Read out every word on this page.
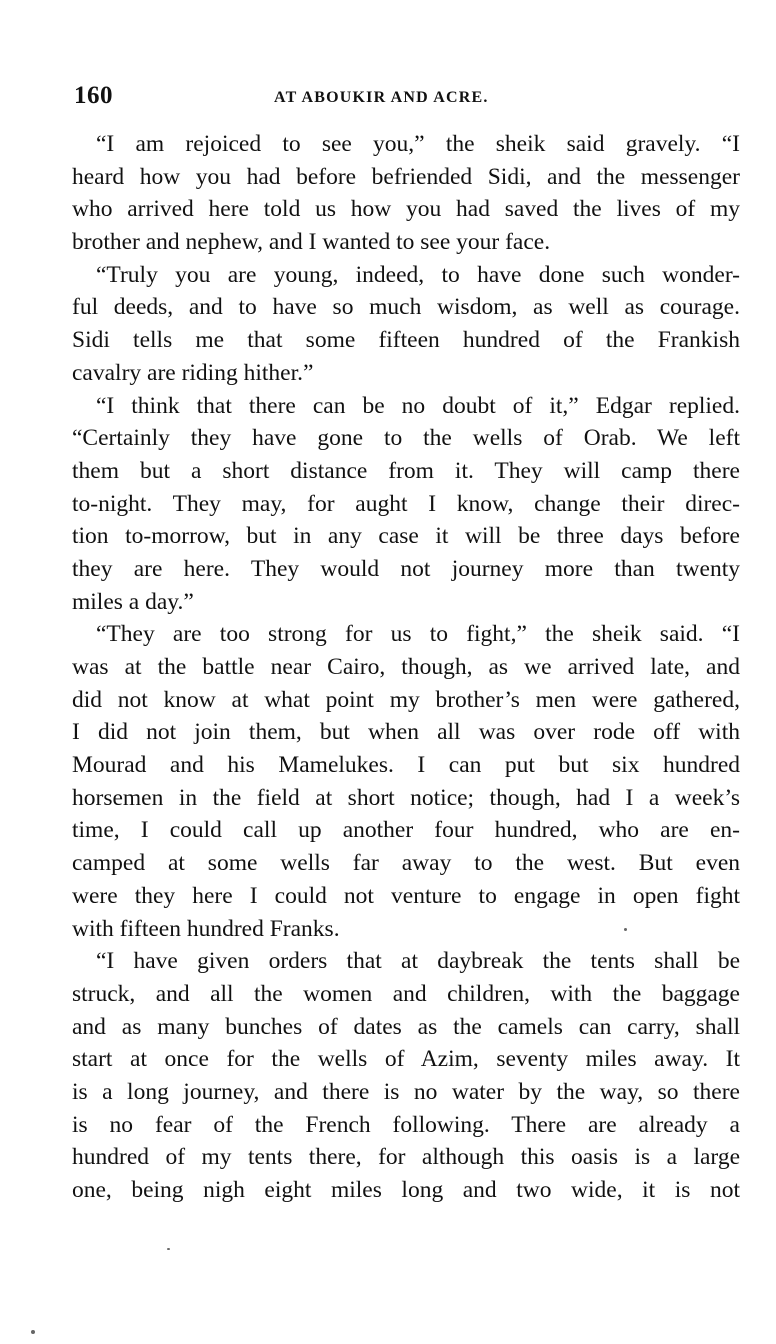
160	AT ABOUKIR AND ACRE.
“I am rejoiced to see you,” the sheik said gravely. “I
heard how you had before befriended Sidi, and the messenger
who arrived here told us how you had saved the lives of my
brother and nephew, and I wanted to see your face.
“Truly you are young, indeed, to have done such wonder-
ful deeds, and to have so much wisdom, as well as courage.
Sidi tells me that some fifteen hundred of the Frankish
cavalry are riding hither.”
“I think that there can be no doubt of it,” Edgar replied.
“Certainly they have gone to the wells of Orab. We left
them but a short distance from it. They will camp there
to-night. They may, for aught I know, change their direc-
tion to-morrow, but in any case it will be three days before
they are here. They would not journey more than twenty
miles a day.”
“They are too strong for us to fight,” the sheik said. “I
was at the battle near Cairo, though, as we arrived late, and
did not know at what point my brother’s men were gathered,
I did not join them, but when all was over rode off with
Mourad and his Mamelukes. I can put but six hundred
horsemen in the field at short notice; though, had I a week’s
time, I could call up another four hundred, who are en-
camped at some wells far away to the west. But even
were they here I could not venture to engage in open fight
with fifteen hundred Franks.
“I have given orders that at daybreak the tents shall be
struck, and all the women and children, with the baggage
and as many bunches of dates as the camels can carry, shall
start at once for the wells of Azim, seventy miles away. It
is a long journey, and there is no water by the way, so there
is no fear of the French following. There are already a
hundred of my tents there, for although this oasis is a large
one, being nigh eight miles long and two wide, it is not
